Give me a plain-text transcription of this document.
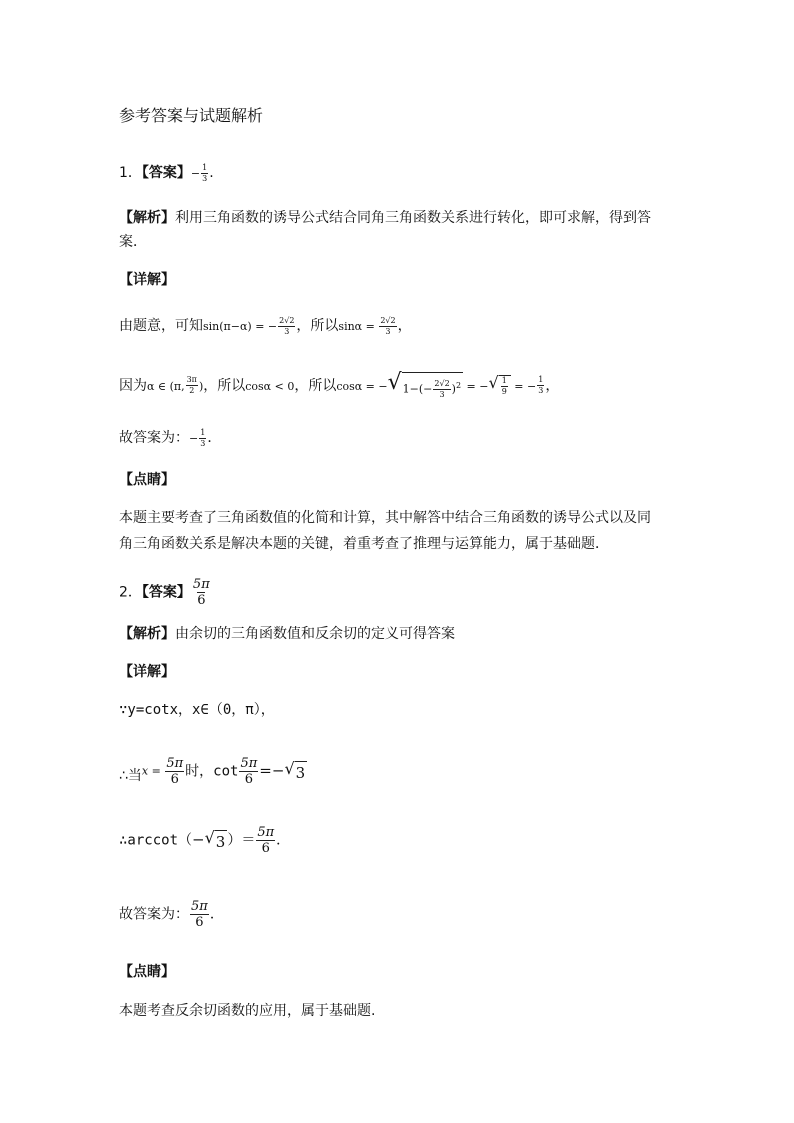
参考答案与试题解析
1．【答案】− $\frac{1}{3}$ .
【解析】利用三角函数的诱导公式结合同角三角函数关系进行转化，即可求解，得到答
案．
【详解】
由题意，可知sin(π−α) = − $\frac{2√2}{3}$ ，所以$\sin\alpha = \frac{2√2}{3}$ ，
因为α ∈ (π, $\frac{3\pi}{2}$ )，所以cosα < 0，所以cosα = − √ $1-(- \frac{2√2}{3} )^2$ = − √ $\frac{1}{9}$ = − $\frac{1}{3}$ ，
故答案为：− $\frac{1}{3}$ ．
【点睛】
本题主要考查了三角函数值的化简和计算，其中解答中结合三角函数的诱导公式以及同
角三角函数关系是解决本题的关键，着重考查了推理与运算能力，属于基础题．
2．【答案】 $\frac{5\pi}{6}$
【解析】由余切的三角函数值和反余切的定义可得答案
【详解】
∵y=cotx，x∈（0，π），
∴当$x = \frac{5\pi}{6}$ 时，$\cot \frac{5\pi}{6}$ =− √ 3
∴arccot（− √ 3 ）＝ $\frac{5\pi}{6}$ ．
故答案为： $\frac{5\pi}{6}$ ．
【点睛】
本题考查反余切函数的应用，属于基础题.
